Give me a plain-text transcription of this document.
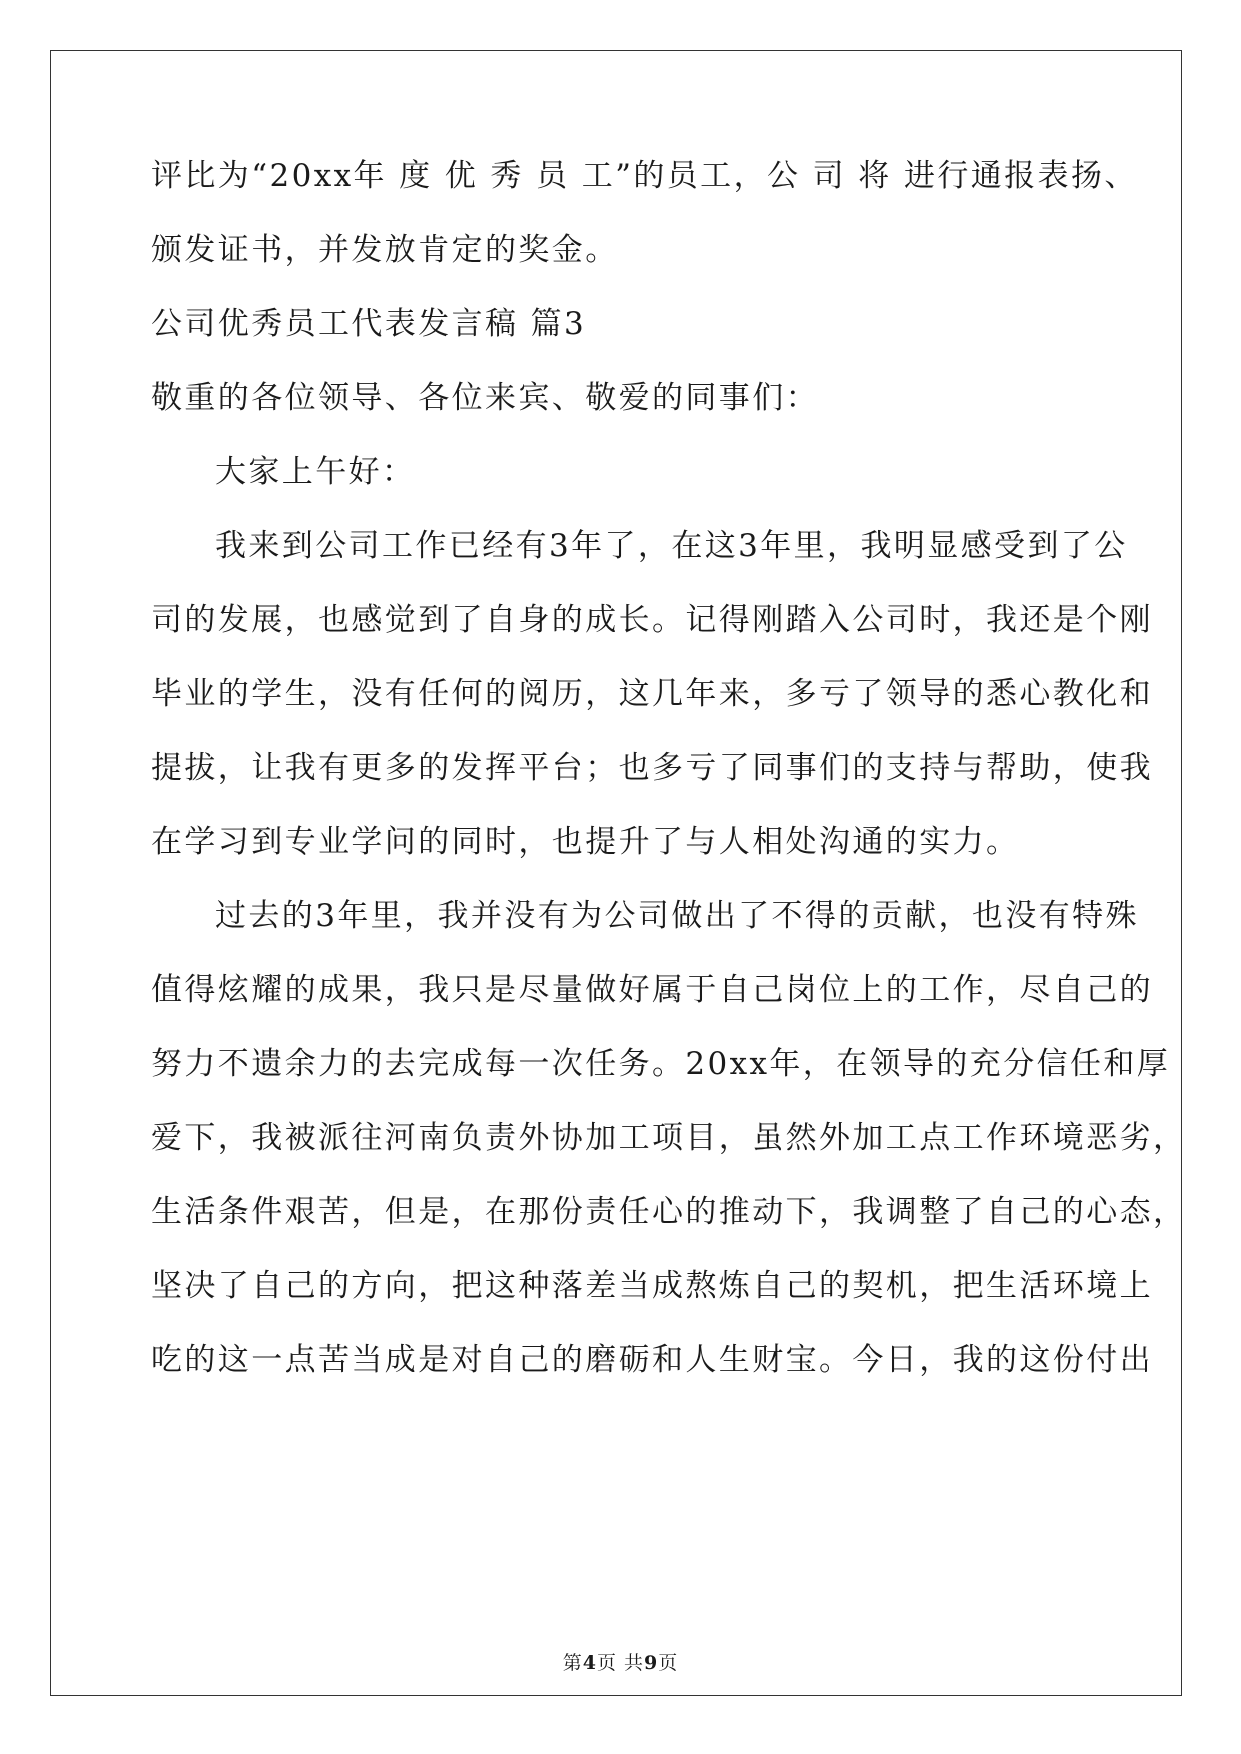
评比为“20xx年 度 优 秀 员 工”的员工，公 司 将 进行通报表扬、
颁发证书，并发放肯定的奖金。
公司优秀员工代表发言稿 篇3
敬重的各位领导、各位来宾、敬爱的同事们：
大家上午好：
我来到公司工作已经有3年了，在这3年里，我明显感受到了公
司的发展，也感觉到了自身的成长。记得刚踏入公司时，我还是个刚
毕业的学生，没有任何的阅历，这几年来，多亏了领导的悉心教化和
提拔，让我有更多的发挥平台；也多亏了同事们的支持与帮助，使我
在学习到专业学问的同时，也提升了与人相处沟通的实力。
过去的3年里，我并没有为公司做出了不得的贡献，也没有特殊
值得炫耀的成果，我只是尽量做好属于自己岗位上的工作，尽自己的
努力不遗余力的去完成每一次任务。20xx年，在领导的充分信任和厚
爱下，我被派往河南负责外协加工项目，虽然外加工点工作环境恶劣，
生活条件艰苦，但是，在那份责任心的推动下，我调整了自己的心态，
坚决了自己的方向，把这种落差当成熬炼自己的契机，把生活环境上
吃的这一点苦当成是对自己的磨砺和人生财宝。今日，我的这份付出
第4页 共9页
